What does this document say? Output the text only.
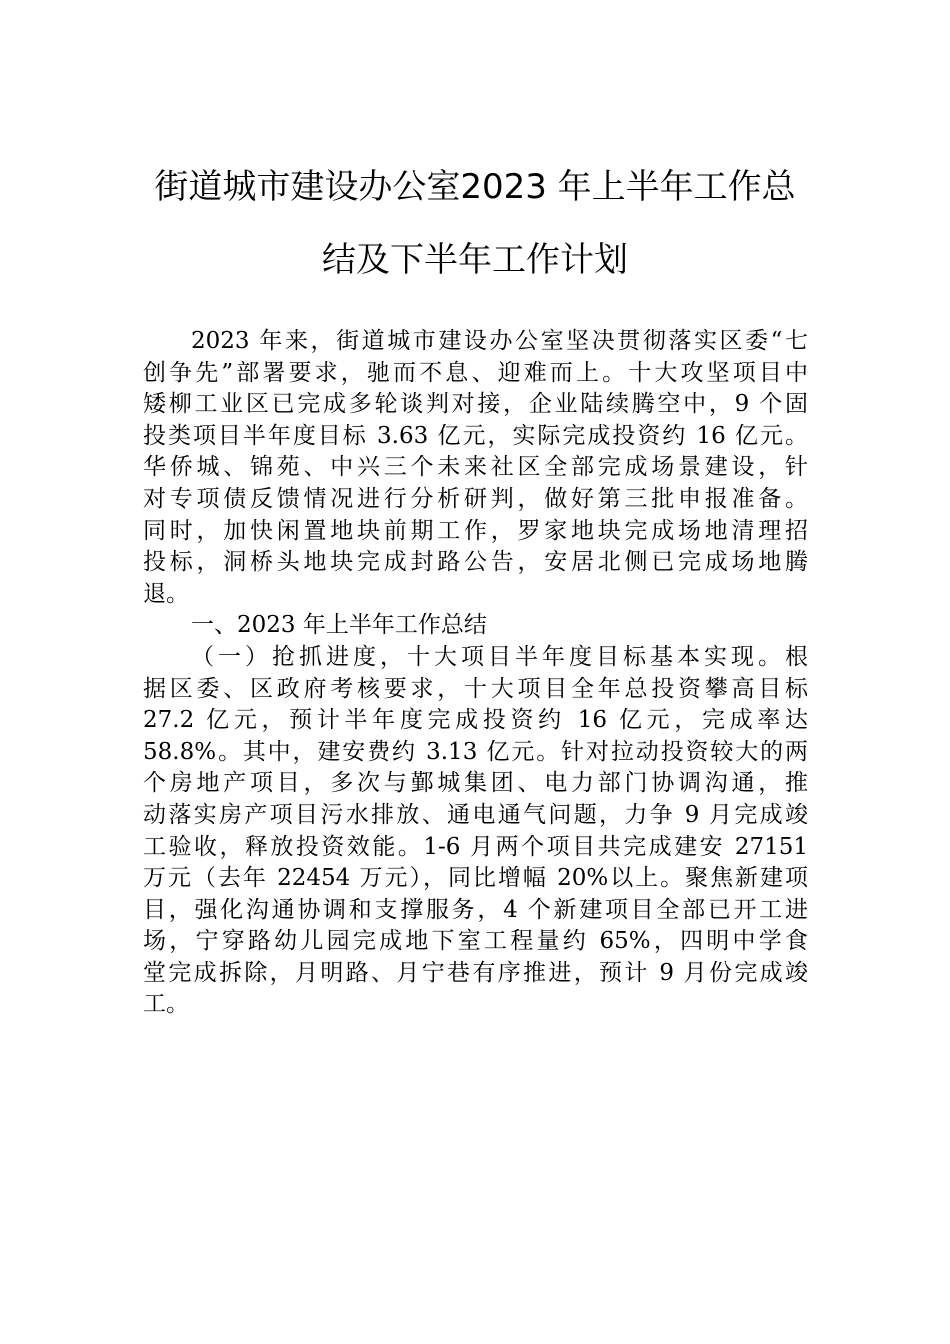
街道城市建设办公室2023 年上半年工作总
结及下半年工作计划
2023 年来，街道城市建设办公室坚决贯彻落实区委“七
创争先”部署要求，驰而不息、迎难而上。十大攻坚项目中
矮柳工业区已完成多轮谈判对接，企业陆续腾空中，9 个固
投类项目半年度目标 3.63 亿元，实际完成投资约 16 亿元。
华侨城、锦苑、中兴三个未来社区全部完成场景建设，针
对专项债反馈情况进行分析研判，做好第三批申报准备。
同时，加快闲置地块前期工作，罗家地块完成场地清理招
投标，洞桥头地块完成封路公告，安居北侧已完成场地腾
退。
一、2023 年上半年工作总结
（一）抢抓进度，十大项目半年度目标基本实现。根
据区委、区政府考核要求，十大项目全年总投资攀高目标
27.2 亿元，预计半年度完成投资约 16 亿元，完成率达
58.8%。其中，建安费约 3.13 亿元。针对拉动投资较大的两
个房地产项目，多次与鄞城集团、电力部门协调沟通，推
动落实房产项目污水排放、通电通气问题，力争 9 月完成竣
工验收，释放投资效能。1-6 月两个项目共完成建安 27151
万元（去年 22454 万元），同比增幅 20%以上。聚焦新建项
目，强化沟通协调和支撑服务，4 个新建项目全部已开工进
场，宁穿路幼儿园完成地下室工程量约 65%，四明中学食
堂完成拆除，月明路、月宁巷有序推进，预计 9 月份完成竣
工。
